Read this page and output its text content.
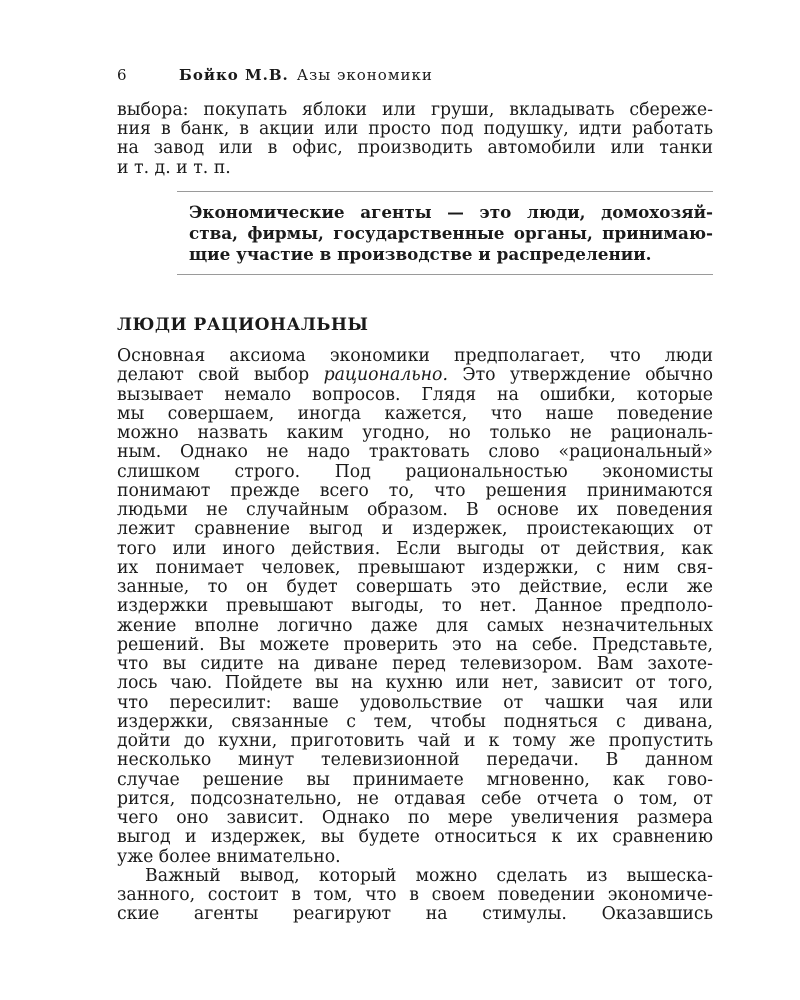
6	Бойко М.В. Азы экономики
выбора: покупать яблоки или груши, вкладывать сбереже-
ния в банк, в акции или просто под подушку, идти работать
на завод или в офис, производить автомобили или танки
и т. д. и т. п.
Экономические агенты — это люди, домохозяй-
ства, фирмы, государственные органы, принимаю-
щие участие в производстве и распределении.
ЛЮДИ РАЦИОНАЛЬНЫ
Основная аксиома экономики предполагает, что люди
делают свой выбор рационально. Это утверждение обычно
вызывает немало вопросов. Глядя на ошибки, которые
мы совершаем, иногда кажется, что наше поведение
можно назвать каким угодно, но только не рациональ-
ным. Однако не надо трактовать слово «рациональный»
слишком строго. Под рациональностью экономисты
понимают прежде всего то, что решения принимаются
людьми не случайным образом. В основе их поведения
лежит сравнение выгод и издержек, проистекающих от
того или иного действия. Если выгоды от действия, как
их понимает человек, превышают издержки, с ним свя-
занные, то он будет совершать это действие, если же
издержки превышают выгоды, то нет. Данное предполо-
жение вполне логично даже для самых незначительных
решений. Вы можете проверить это на себе. Представьте,
что вы сидите на диване перед телевизором. Вам захоте-
лось чаю. Пойдете вы на кухню или нет, зависит от того,
что пересилит: ваше удовольствие от чашки чая или
издержки, связанные с тем, чтобы подняться с дивана,
дойти до кухни, приготовить чай и к тому же пропустить
несколько минут телевизионной передачи. В данном
случае решение вы принимаете мгновенно, как гово-
рится, подсознательно, не отдавая себе отчета о том, от
чего оно зависит. Однако по мере увеличения размера
выгод и издержек, вы будете относиться к их сравнению
уже более внимательно.
Важный вывод, который можно сделать из вышеска-
занного, состоит в том, что в своем поведении экономиче-
ские агенты реагируют на стимулы. Оказавшись
